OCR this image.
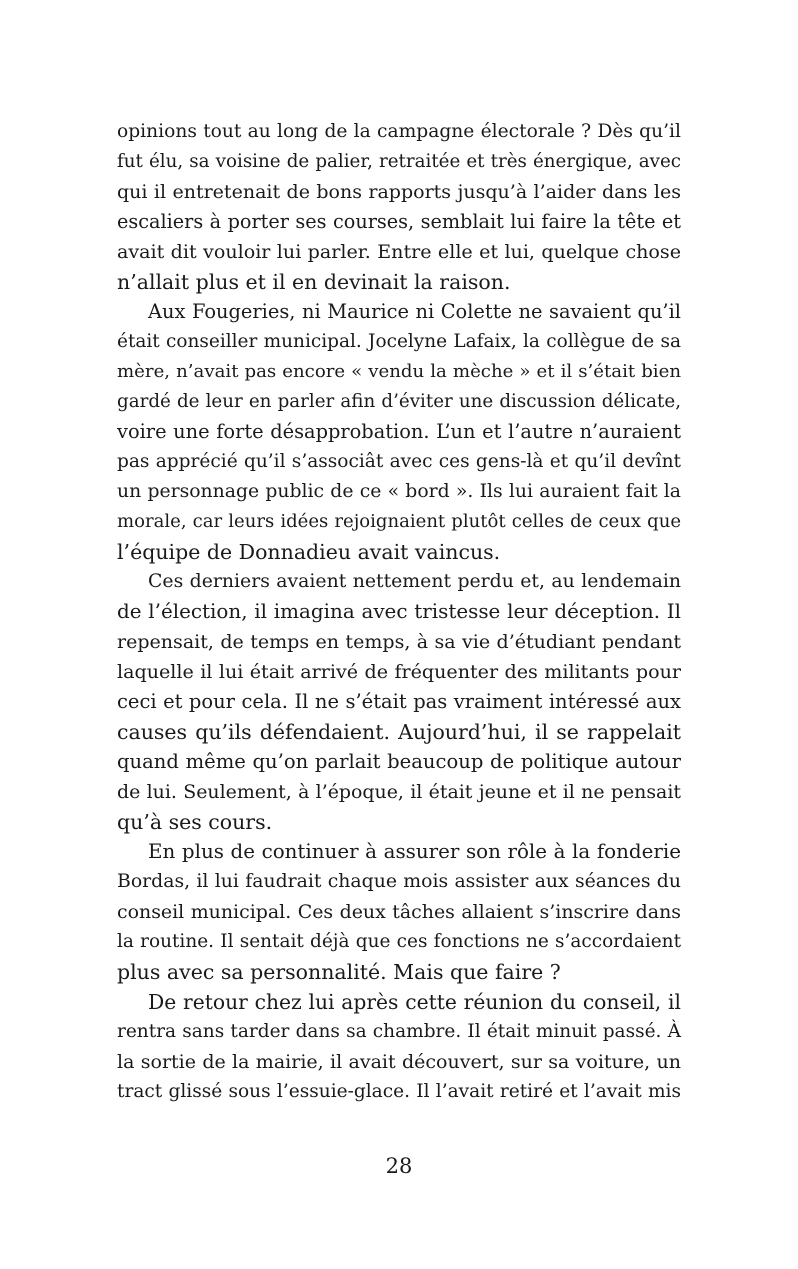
opinions tout au long de la campagne électorale ? Dès qu’il
fut élu, sa voisine de palier, retraitée et très énergique, avec
qui il entretenait de bons rapports jusqu’à l’aider dans les
escaliers à porter ses courses, semblait lui faire la tête et
avait dit vouloir lui parler. Entre elle et lui, quelque chose
n’allait plus et il en devinait la raison.
Aux Fougeries, ni Maurice ni Colette ne savaient qu’il
était conseiller municipal. Jocelyne Lafaix, la collègue de sa
mère, n’avait pas encore « vendu la mèche » et il s’était bien
gardé de leur en parler afin d’éviter une discussion délicate,
voire une forte désapprobation. L’un et l’autre n’auraient
pas apprécié qu’il s’associât avec ces gens-là et qu’il devînt
un personnage public de ce « bord ». Ils lui auraient fait la
morale, car leurs idées rejoignaient plutôt celles de ceux que
l’équipe de Donnadieu avait vaincus.
Ces derniers avaient nettement perdu et, au lendemain
de l’élection, il imagina avec tristesse leur déception. Il
repensait, de temps en temps, à sa vie d’étudiant pendant
laquelle il lui était arrivé de fréquenter des militants pour
ceci et pour cela. Il ne s’était pas vraiment intéressé aux
causes qu’ils défendaient. Aujourd’hui, il se rappelait
quand même qu’on parlait beaucoup de politique autour
de lui. Seulement, à l’époque, il était jeune et il ne pensait
qu’à ses cours.
En plus de continuer à assurer son rôle à la fonderie
Bordas, il lui faudrait chaque mois assister aux séances du
conseil municipal. Ces deux tâches allaient s’inscrire dans
la routine. Il sentait déjà que ces fonctions ne s’accordaient
plus avec sa personnalité. Mais que faire ?
De retour chez lui après cette réunion du conseil, il
rentra sans tarder dans sa chambre. Il était minuit passé. À
la sortie de la mairie, il avait découvert, sur sa voiture, un
tract glissé sous l’essuie-glace. Il l’avait retiré et l’avait mis
28
